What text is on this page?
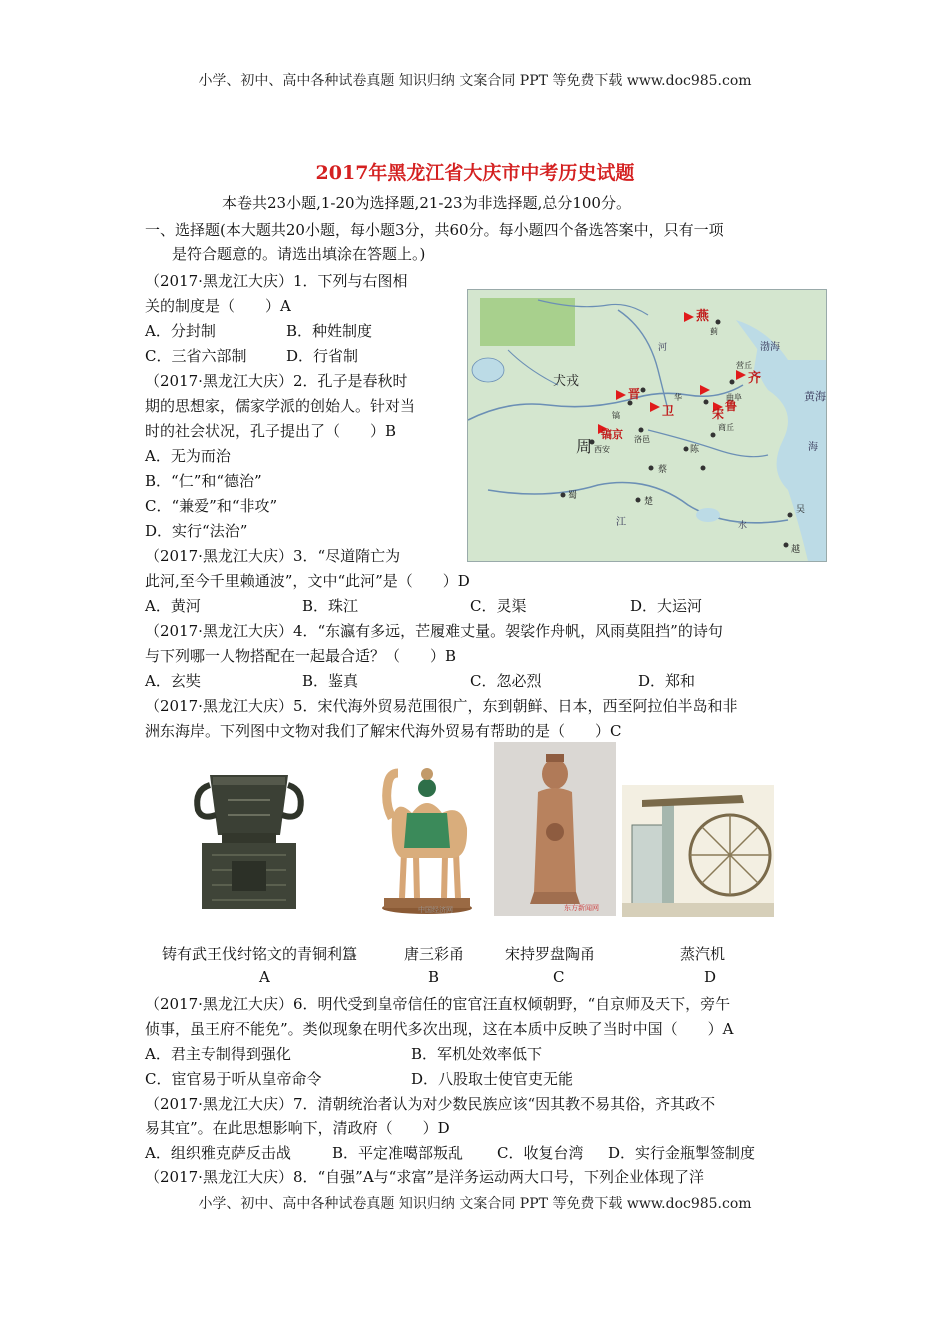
小学、初中、高中各种试卷真题 知识归纳 文案合同 PPT 等免费下载 www.doc985.com
2017年黑龙江省大庆市中考历史试题
本卷共23小题,1-20为选择题,21-23为非选择题,总分100分。
一、选择题(本大题共20小题，每小题3分，共60分。每小题四个备选答案中，只有一项
是符合题意的。请选出填涂在答题上。)
（2017·黑龙江大庆）1．下列与右图相
关的制度是（　　）A
A．分封制	B．种姓制度
C．三省六部制	D．行省制
（2017·黑龙江大庆）2．孔子是春秋时
期的思想家，儒家学派的创始人。针对当
时的社会状况，孔子提出了（　　）B
A．无为而治
B．“仁”和“德治”
C．“兼爱”和“非攻”
D．实行“法治”
（2017·黑龙江大庆）3．“尽道隋亡为
此河,至今千里赖通波”，文中“此河”是（　　）D
A．黄河	B．珠江	C．灵渠	D．大运河
（2017·黑龙江大庆）4．“东瀛有多远，芒履难丈量。袈裟作舟帆，风雨莫阻挡”的诗句
与下列哪一人物搭配在一起最合适？（　　）B
A．玄奘	B．鉴真	C．忽必烈	D．郑和
（2017·黑龙江大庆）5．宋代海外贸易范围很广，东到朝鲜、日本，西至阿拉伯半岛和非
洲东海岸。下列图中文物对我们了解宋代海外贸易有帮助的是（　　）C
燕
蓟
渤海
犬戎
晋
卫	宋
齐
鲁
镐京
周 西安
洛邑
陈
蔡
楚
蜀
吴
越
商丘
营丘
黄海
海
河
江	水
曲阜
镐
华
东方新闻网
铸有武王伐纣铭文的青铜利簋	唐三彩甬	宋持罗盘陶甬	蒸汽机
A	B	C	D
中国经济网
（2017·黑龙江大庆）6．明代受到皇帝信任的宦官汪直权倾朝野，“自京师及天下，旁午
侦事，虽王府不能免”。类似现象在明代多次出现，这在本质中反映了当时中国（　　）A
A．君主专制得到强化	B．军机处效率低下
C．宦官易于听从皇帝命令	D．八股取士使官吏无能
（2017·黑龙江大庆）7．清朝统治者认为对少数民族应该“因其教不易其俗，齐其政不
易其宜”。在此思想影响下，清政府（　　）D
A．组织雅克萨反击战	B．平定准噶部叛乱 C．收复台湾 D．实行金瓶掣签制度
（2017·黑龙江大庆）8．“自强”A与“求富”是洋务运动两大口号，下列企业体现了洋
小学、初中、高中各种试卷真题 知识归纳 文案合同 PPT 等免费下载 www.doc985.com
